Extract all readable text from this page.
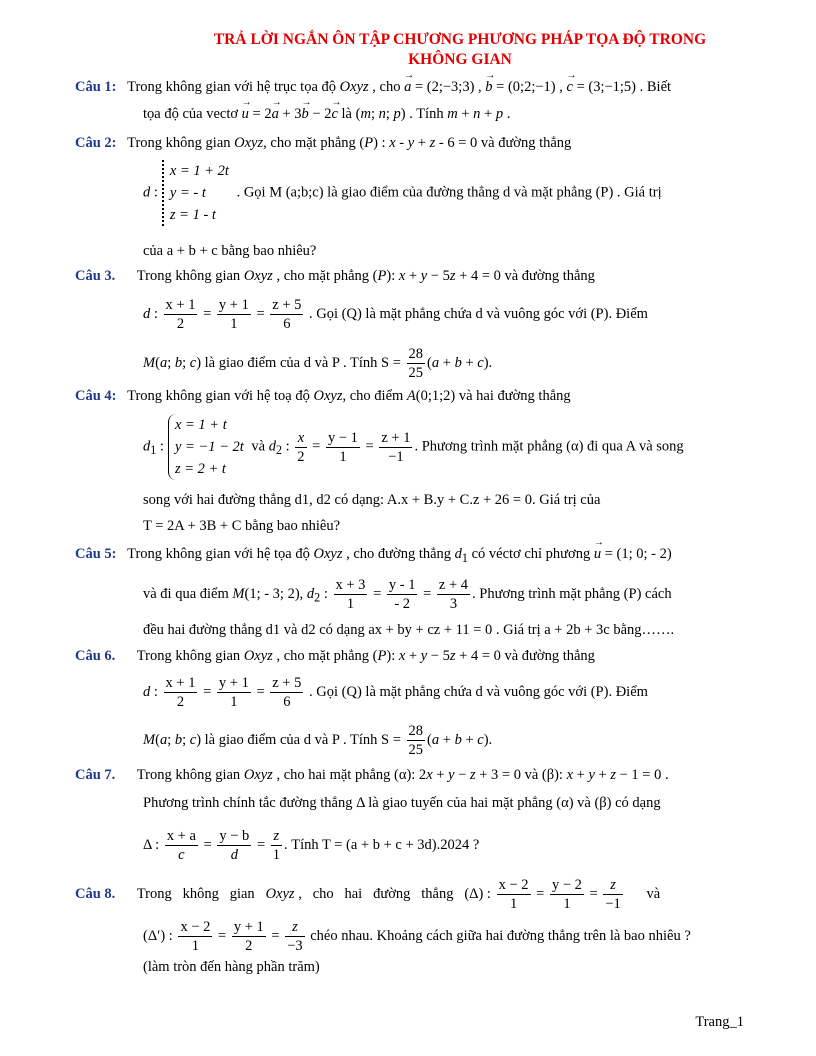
TRẢ LỜI NGẮN ÔN TẬP CHƯƠNG PHƯƠNG PHÁP TỌA ĐỘ TRONG
KHÔNG GIAN
Câu 1:   Trong không gian với hệ trục tọa độ Oxyz , cho → a = (2;−3;3) , → b = (0;2;−1) , → c = (3;−1;5) . Biết
tọa độ của vectơ → u = 2→ a + 3→ b − 2→ c là (m; n; p) . Tính m + n + p .
Câu 2:   Trong không gian Oxyz, cho mặt phẳng (P) : x - y + z - 6 = 0 và đường thẳng
d :
x = 1 + 2t
y = - t
z = 1 - t
. Gọi M (a;b;c) là giao điểm của đường thẳng d và mặt phẳng (P) . Giá trị
của a + b + c bằng bao nhiêu?
Câu 3.      Trong không gian Oxyz , cho mặt phẳng (P): x + y − 5z + 4 = 0 và đường thẳng
d : $\frac{x + 1}{2} = \frac{y + 1}{1} = \frac{z + 5}{6}$ . Gọi (Q) là mặt phẳng chứa d và vuông góc với (P). Điểm
M(a; b; c) là giao điểm của d và P . Tính $S = \frac{28}{25} (a + b + c)$.
Câu 4:   Trong không gian với hệ toạ độ Oxyz, cho điểm A(0;1;2) và hai đường thẳng
$d_1$ :
x = 1 + t
y = −1 − 2t
z = 2 + t
và $d_2$ : $\frac{x}{2} = \frac{y - 1}{1} = \frac{z + 1}{-1}$ . Phương trình mặt phẳng (α) đi qua A và song
song với hai đường thẳng d1, d2 có dạng: A.x + B.y + C.z + 26 = 0. Giá trị của
T = 2A + 3B + C bằng bao nhiêu?
Câu 5:   Trong không gian với hệ tọa độ Oxyz , cho đường thẳng $d_1$ có véctơ chỉ phương → u = (1; 0; - 2)
và đi qua điểm M(1; - 3; 2), $d_2$ : $\frac{x + 3}{1} = \frac{y - 1}{- 2} = \frac{z + 4}{3}$ . Phương trình mặt phẳng (P) cách
đều hai đường thẳng d1 và d2 có dạng ax + by + cz + 11 = 0 . Giá trị a + 2b + 3c bằng…….
Câu 6.      Trong không gian Oxyz , cho mặt phẳng (P): x + y − 5z + 4 = 0 và đường thẳng
d : $\frac{x + 1}{2} = \frac{y + 1}{1} = \frac{z + 5}{6}$ . Gọi (Q) là mặt phẳng chứa d và vuông góc với (P). Điểm
M(a; b; c) là giao điểm của d và P . Tính $S = \frac{28}{25} (a + b + c)$.
Câu 7.      Trong không gian Oxyz , cho hai mặt phẳng (α): 2x + y − z + 3 = 0 và (β): x + y + z − 1 = 0 .
Phương trình chính tắc đường thẳng Δ là giao tuyến của hai mặt phẳng (α) và (β) có dạng
Δ : $\frac{x + a}{c} = \frac{y - b}{d} = \frac{z}{1}$ . Tính T = (a + b + c + 3d).2024 ?
Câu 8.      Trong   không   gian   Oxyz ,   cho   hai   đường   thẳng   (Δ) : $\frac{x - 2}{1} = \frac{y - 2}{1} = \frac{z}{-1}$ và
(Δ′) : $\frac{x - 2}{1} = \frac{y + 1}{2} = \frac{z}{-3}$ chéo nhau. Khoảng cách giữa hai đường thẳng trên là bao nhiêu ?
(làm tròn đến hàng phần trăm)
Trang_1
